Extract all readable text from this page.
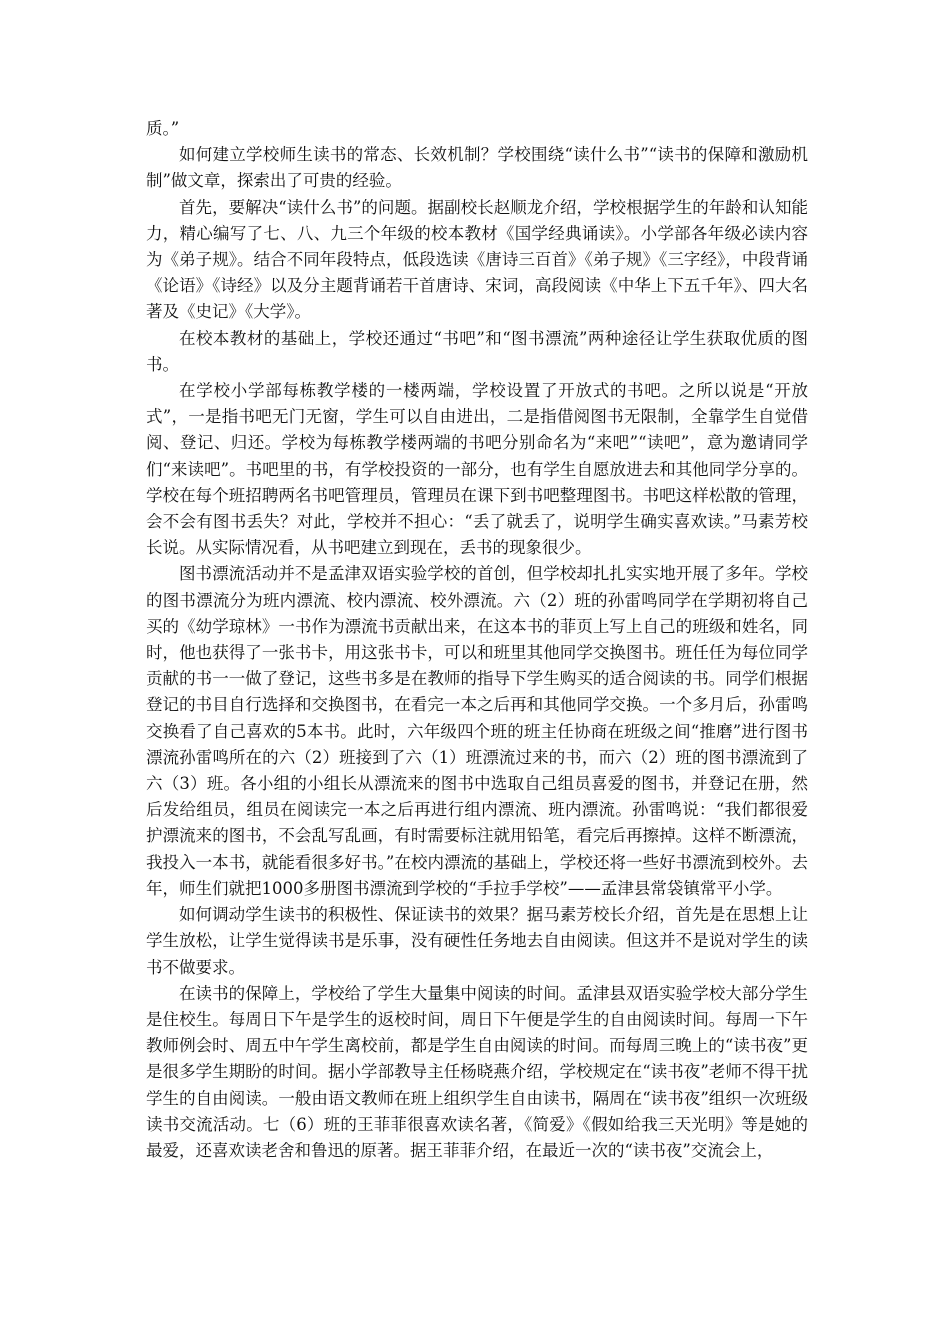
质。”

如何建立学校师生读书的常态、长效机制？学校围绕“读什么书”“读书的保障和激励机制”做文章，探索出了可贵的经验。

首先，要解决“读什么书”的问题。据副校长赵顺龙介绍，学校根据学生的年龄和认知能力，精心编写了七、八、九三个年级的校本教材《国学经典诵读》。小学部各年级必读内容为《弟子规》。结合不同年段特点，低段选读《唐诗三百首》《弟子规》《三字经》，中段背诵《论语》《诗经》以及分主题背诵若干首唐诗、宋词，高段阅读《中华上下五千年》、四大名著及《史记》《大学》。

在校本教材的基础上，学校还通过“书吧”和“图书漂流”两种途径让学生获取优质的图书。

在学校小学部每栋教学楼的一楼两端，学校设置了开放式的书吧。之所以说是“开放式”，一是指书吧无门无窗，学生可以自由进出，二是指借阅图书无限制，全靠学生自觉借阅、登记、归还。学校为每栋教学楼两端的书吧分别命名为“来吧”“读吧”，意为邀请同学们“来读吧”。书吧里的书，有学校投资的一部分，也有学生自愿放进去和其他同学分享的。学校在每个班招聘两名书吧管理员，管理员在课下到书吧整理图书。书吧这样松散的管理，会不会有图书丢失？对此，学校并不担心：“丢了就丢了，说明学生确实喜欢读。”马素芳校长说。从实际情况看，从书吧建立到现在，丢书的现象很少。

图书漂流活动并不是孟津双语实验学校的首创，但学校却扎扎实实地开展了多年。学校的图书漂流分为班内漂流、校内漂流、校外漂流。六（2）班的孙雷鸣同学在学期初将自己买的《幼学琼林》一书作为漂流书贡献出来，在这本书的菲页上写上自己的班级和姓名，同时，他也获得了一张书卡，用这张书卡，可以和班里其他同学交换图书。班任任为每位同学贡献的书一一做了登记，这些书多是在教师的指导下学生购买的适合阅读的书。同学们根据登记的书目自行选择和交换图书，在看完一本之后再和其他同学交换。一个多月后，孙雷鸣交换看了自己喜欢的5本书。此时，六年级四个班的班主任协商在班级之间“推磨”进行图书漂流孙雷鸣所在的六（2）班接到了六（1）班漂流过来的书，而六（2）班的图书漂流到了六（3）班。各小组的小组长从漂流来的图书中选取自己组员喜爱的图书，并登记在册，然后发给组员，组员在阅读完一本之后再进行组内漂流、班内漂流。孙雷鸣说：“我们都很爱护漂流来的图书，不会乱写乱画，有时需要标注就用铅笔，看完后再擦掉。这样不断漂流，我投入一本书，就能看很多好书。”在校内漂流的基础上，学校还将一些好书漂流到校外。去年，师生们就把1000多册图书漂流到学校的“手拉手学校”——孟津县常袋镇常平小学。

如何调动学生读书的积极性、保证读书的效果？据马素芳校长介绍，首先是在思想上让学生放松，让学生觉得读书是乐事，没有硬性任务地去自由阅读。但这并不是说对学生的读书不做要求。

在读书的保障上，学校给了学生大量集中阅读的时间。孟津县双语实验学校大部分学生是住校生。每周日下午是学生的返校时间，周日下午便是学生的自由阅读时间。每周一下午教师例会时、周五中午学生离校前，都是学生自由阅读的时间。而每周三晚上的“读书夜”更是很多学生期盼的时间。据小学部教导主任杨晓燕介绍，学校规定在“读书夜”老师不得干扰学生的自由阅读。一般由语文教师在班上组织学生自由读书，隔周在“读书夜”组织一次班级读书交流活动。七（6）班的王菲菲很喜欢读名著，《简爱》《假如给我三天光明》等是她的最爱，还喜欢读老舍和鲁迅的原著。据王菲菲介绍，在最近一次的“读书夜”交流会上，
